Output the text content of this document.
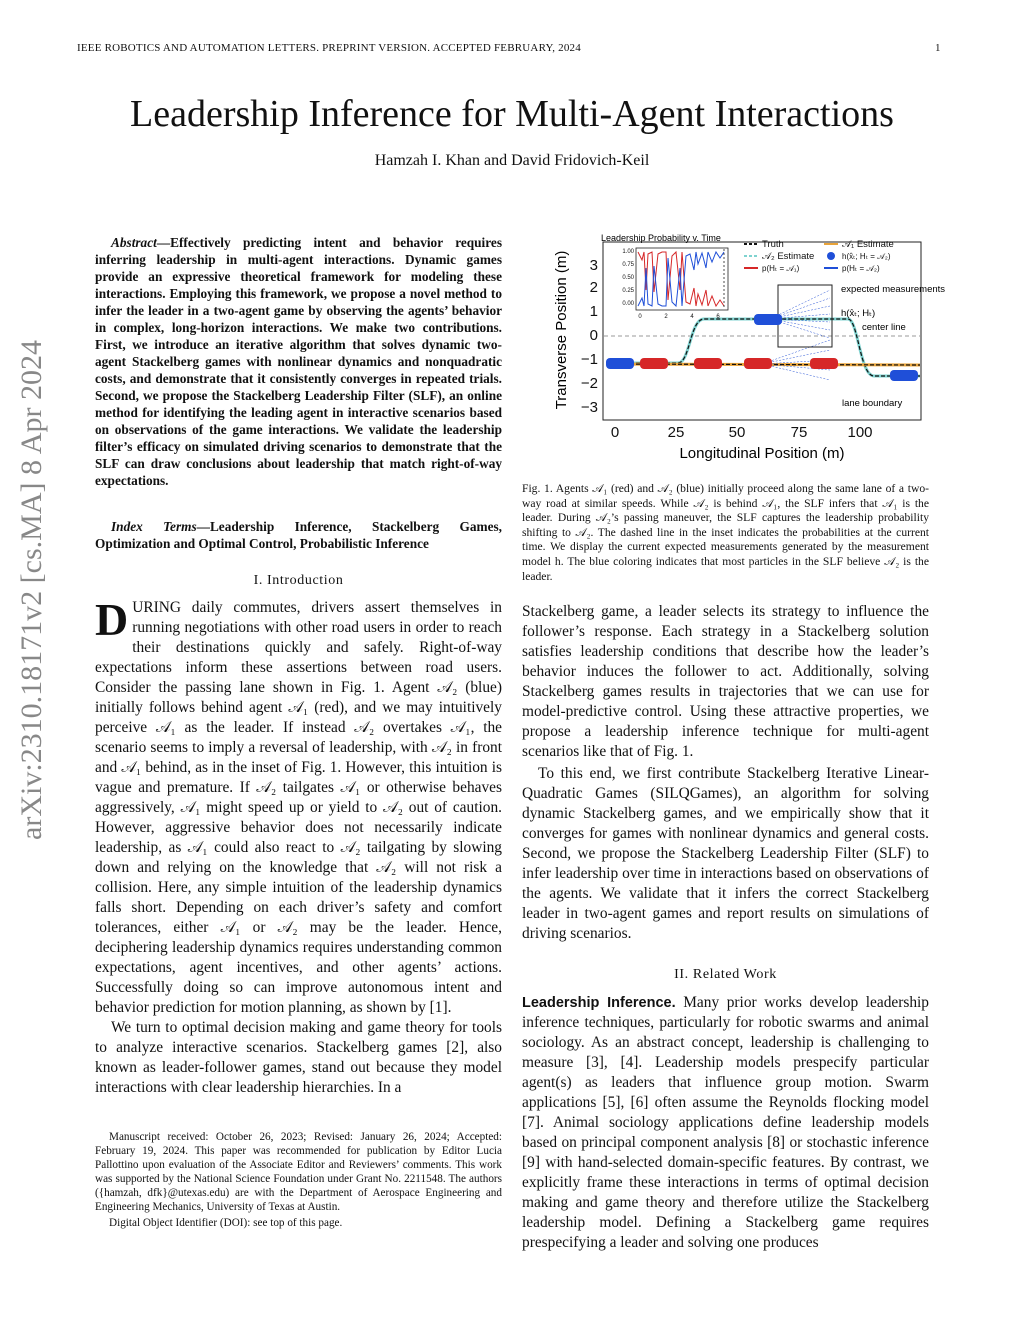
IEEE ROBOTICS AND AUTOMATION LETTERS. PREPRINT VERSION. ACCEPTED FEBRUARY, 2024	1
Leadership Inference for Multi-Agent Interactions
Hamzah I. Khan and David Fridovich-Keil
arXiv:2310.18171v2 [cs.MA] 8 Apr 2024

Abstract—Effectively predicting intent and behavior requires inferring leadership in multi-agent interactions. Dynamic games provide an expressive theoretical framework for modeling these interactions. Employing this framework, we propose a novel method to infer the leader in a two-agent game by observing the agents’ behavior in complex, long-horizon interactions. We make two contributions. First, we introduce an iterative algorithm that solves dynamic two-agent Stackelberg games with nonlinear dynamics and nonquadratic costs, and demonstrate that it consistently converges in repeated trials. Second, we propose the Stackelberg Leadership Filter (SLF), an online method for identifying the leading agent in interactive scenarios based on observations of the game interactions. We validate the leadership filter’s efficacy on simulated driving scenarios to demonstrate that the SLF can draw conclusions about leadership that match right-of-way expectations.

Index Terms—Leadership Inference, Stackelberg Games, Optimization and Optimal Control, Probabilistic Inference

I. Introduction

DURING daily commutes, drivers assert themselves in running negotiations with other road users in order to reach their destinations quickly and safely. Right-of-way expectations inform these assertions between road users. Consider the passing lane shown in Fig. 1. Agent 𝒜₂ (blue) initially follows behind agent 𝒜₁ (red), and we may intuitively perceive 𝒜₁ as the leader. If instead 𝒜₂ overtakes 𝒜₁, the scenario seems to imply a reversal of leadership, with 𝒜₂ in front and 𝒜₁ behind, as in the inset of Fig. 1. However, this intuition is vague and premature. If 𝒜₂ tailgates 𝒜₁ or otherwise behaves aggressively, 𝒜₁ might speed up or yield to 𝒜₂ out of caution. However, aggressive behavior does not necessarily indicate leadership, as 𝒜₁ could also react to 𝒜₂ tailgating by slowing down and relying on the knowledge that 𝒜₂ will not risk a collision. Here, any simple intuition of the leadership dynamics falls short. Depending on each driver’s safety and comfort tolerances, either 𝒜₁ or 𝒜₂ may be the leader. Hence, deciphering leadership dynamics requires understanding common expectations, agent incentives, and other agents’ actions. Successfully doing so can improve autonomous intent and behavior prediction for motion planning, as shown by [1].

We turn to optimal decision making and game theory for tools to analyze interactive scenarios. Stackelberg games [2], also known as leader-follower games, stand out because they model interactions with clear leadership hierarchies. In a

Manuscript received: October 26, 2023; Revised: January 26, 2024; Accepted: February 19, 2024. This paper was recommended for publication by Editor Lucia Pallottino upon evaluation of the Associate Editor and Reviewers’ comments. This work was supported by the National Science Foundation under Grant No. 2211548. The authors ({hamzah, dfk}@utexas.edu) are with the Department of Aerospace Engineering and Engineering Mechanics, University of Texas at Austin.

Digital Object Identifier (DOI): see top of this page.

Transverse Position (m)
Longitudinal Position (m)
3
2
1
0
−1
−2
−3
0	25	50	75	100
center line
lane boundary
expected measurements
h(x̂ₜ; Hₜ)
Leadership Probability v. Time
1.00
0.75
0.50
0.25
0.00
0	2	4	6
Truth	𝒜₁ Estimate
𝒜₂ Estimate	h(x̂ₜ; Hₜ = 𝒜₂)
p(Hₜ = 𝒜₁)	p(Hₜ = 𝒜₂)

Fig. 1. Agents 𝒜₁ (red) and 𝒜₂ (blue) initially proceed along the same lane of a two-way road at similar speeds. While 𝒜₂ is behind 𝒜₁, the SLF infers that 𝒜₁ is the leader. During 𝒜₂’s passing maneuver, the SLF captures the leadership probability shifting to 𝒜₂. The dashed line in the inset indicates the probabilities at the current time. We display the current expected measurements generated by the measurement model h. The blue coloring indicates that most particles in the SLF believe 𝒜₂ is the leader.

Stackelberg game, a leader selects its strategy to influence the follower’s response. Each strategy in a Stackelberg solution satisfies leadership conditions that describe how the leader’s behavior induces the follower to act. Additionally, solving Stackelberg games results in trajectories that we can use for model-predictive control. Using these attractive properties, we propose a leadership inference technique for multi-agent scenarios like that of Fig. 1.

To this end, we first contribute Stackelberg Iterative Linear-Quadratic Games (SILQGames), an algorithm for solving dynamic Stackelberg games, and we empirically show that it converges for games with nonlinear dynamics and general costs. Second, we propose the Stackelberg Leadership Filter (SLF) to infer leadership over time in interactions based on observations of the agents. We validate that it infers the correct Stackelberg leader in two-agent games and report results on simulations of driving scenarios.

II. Related Work

Leadership Inference. Many prior works develop leadership inference techniques, particularly for robotic swarms and animal sociology. As an abstract concept, leadership is challenging to measure [3], [4]. Leadership models prespecify particular agent(s) as leaders that influence group motion. Swarm applications [5], [6] often assume the Reynolds flocking model [7]. Animal sociology applications define leadership models based on principal component analysis [8] or stochastic inference [9] with hand-selected domain-specific features. By contrast, we explicitly frame these interactions in terms of optimal decision making and game theory and therefore utilize the Stackelberg leadership model. Defining a Stackelberg game requires prespecifying a leader and solving one produces
